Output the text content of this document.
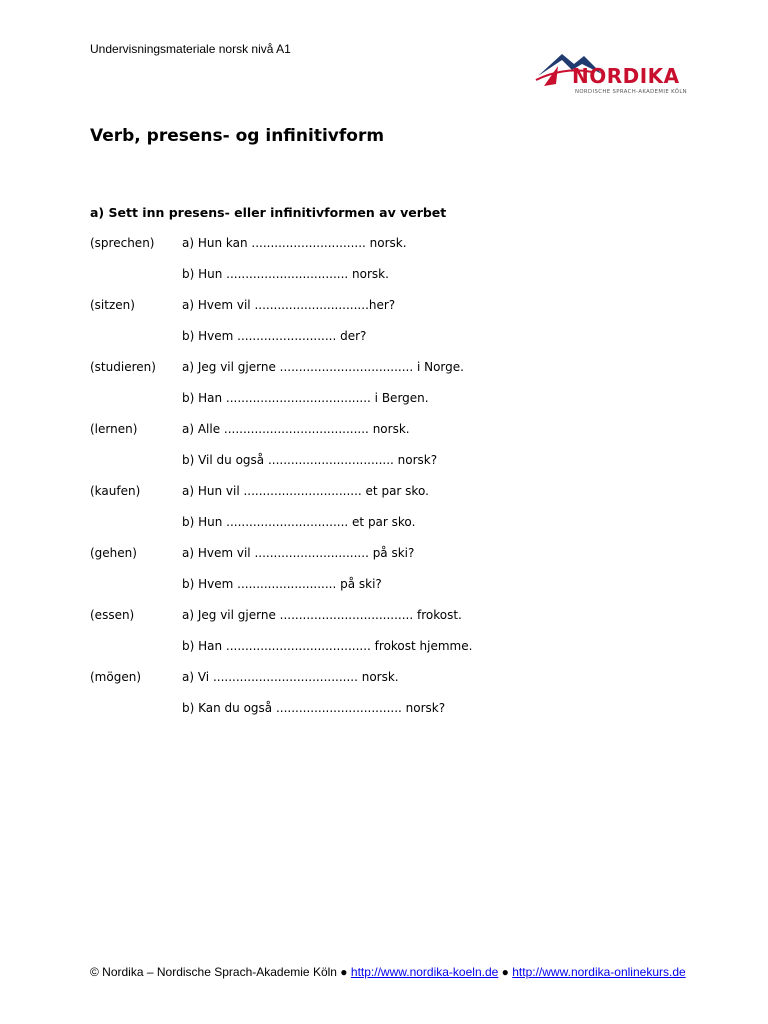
Undervisningsmateriale norsk nivå A1
NORDIKA
NORDISCHE SPRACH-AKADEMIE KÖLN
Verb, presens- og infinitivform
a) Sett inn presens- eller infinitivformen av verbet
(sprechen) a) Hun kan .............................. norsk.
b) Hun ................................ norsk.
(sitzen)	a) Hvem vil ..............................her?
b) Hvem .......................... der?
(studieren) a) Jeg vil gjerne ................................... i Norge.
b) Han ...................................... i Bergen.
(lernen)	a) Alle ...................................... norsk.
b) Vil du også ................................. norsk?
(kaufen)	a) Hun vil ............................... et par sko.
b) Hun ................................ et par sko.
(gehen)	a) Hvem vil .............................. på ski?
b) Hvem .......................... på ski?
(essen)	a) Jeg vil gjerne ................................... frokost.
b) Han ...................................... frokost hjemme.
(mögen)	a) Vi ...................................... norsk.
b) Kan du også ................................. norsk?
© Nordika – Nordische Sprach-Akademie Köln ● http://www.nordika-koeln.de ● http://www.nordika-onlinekurs.de
